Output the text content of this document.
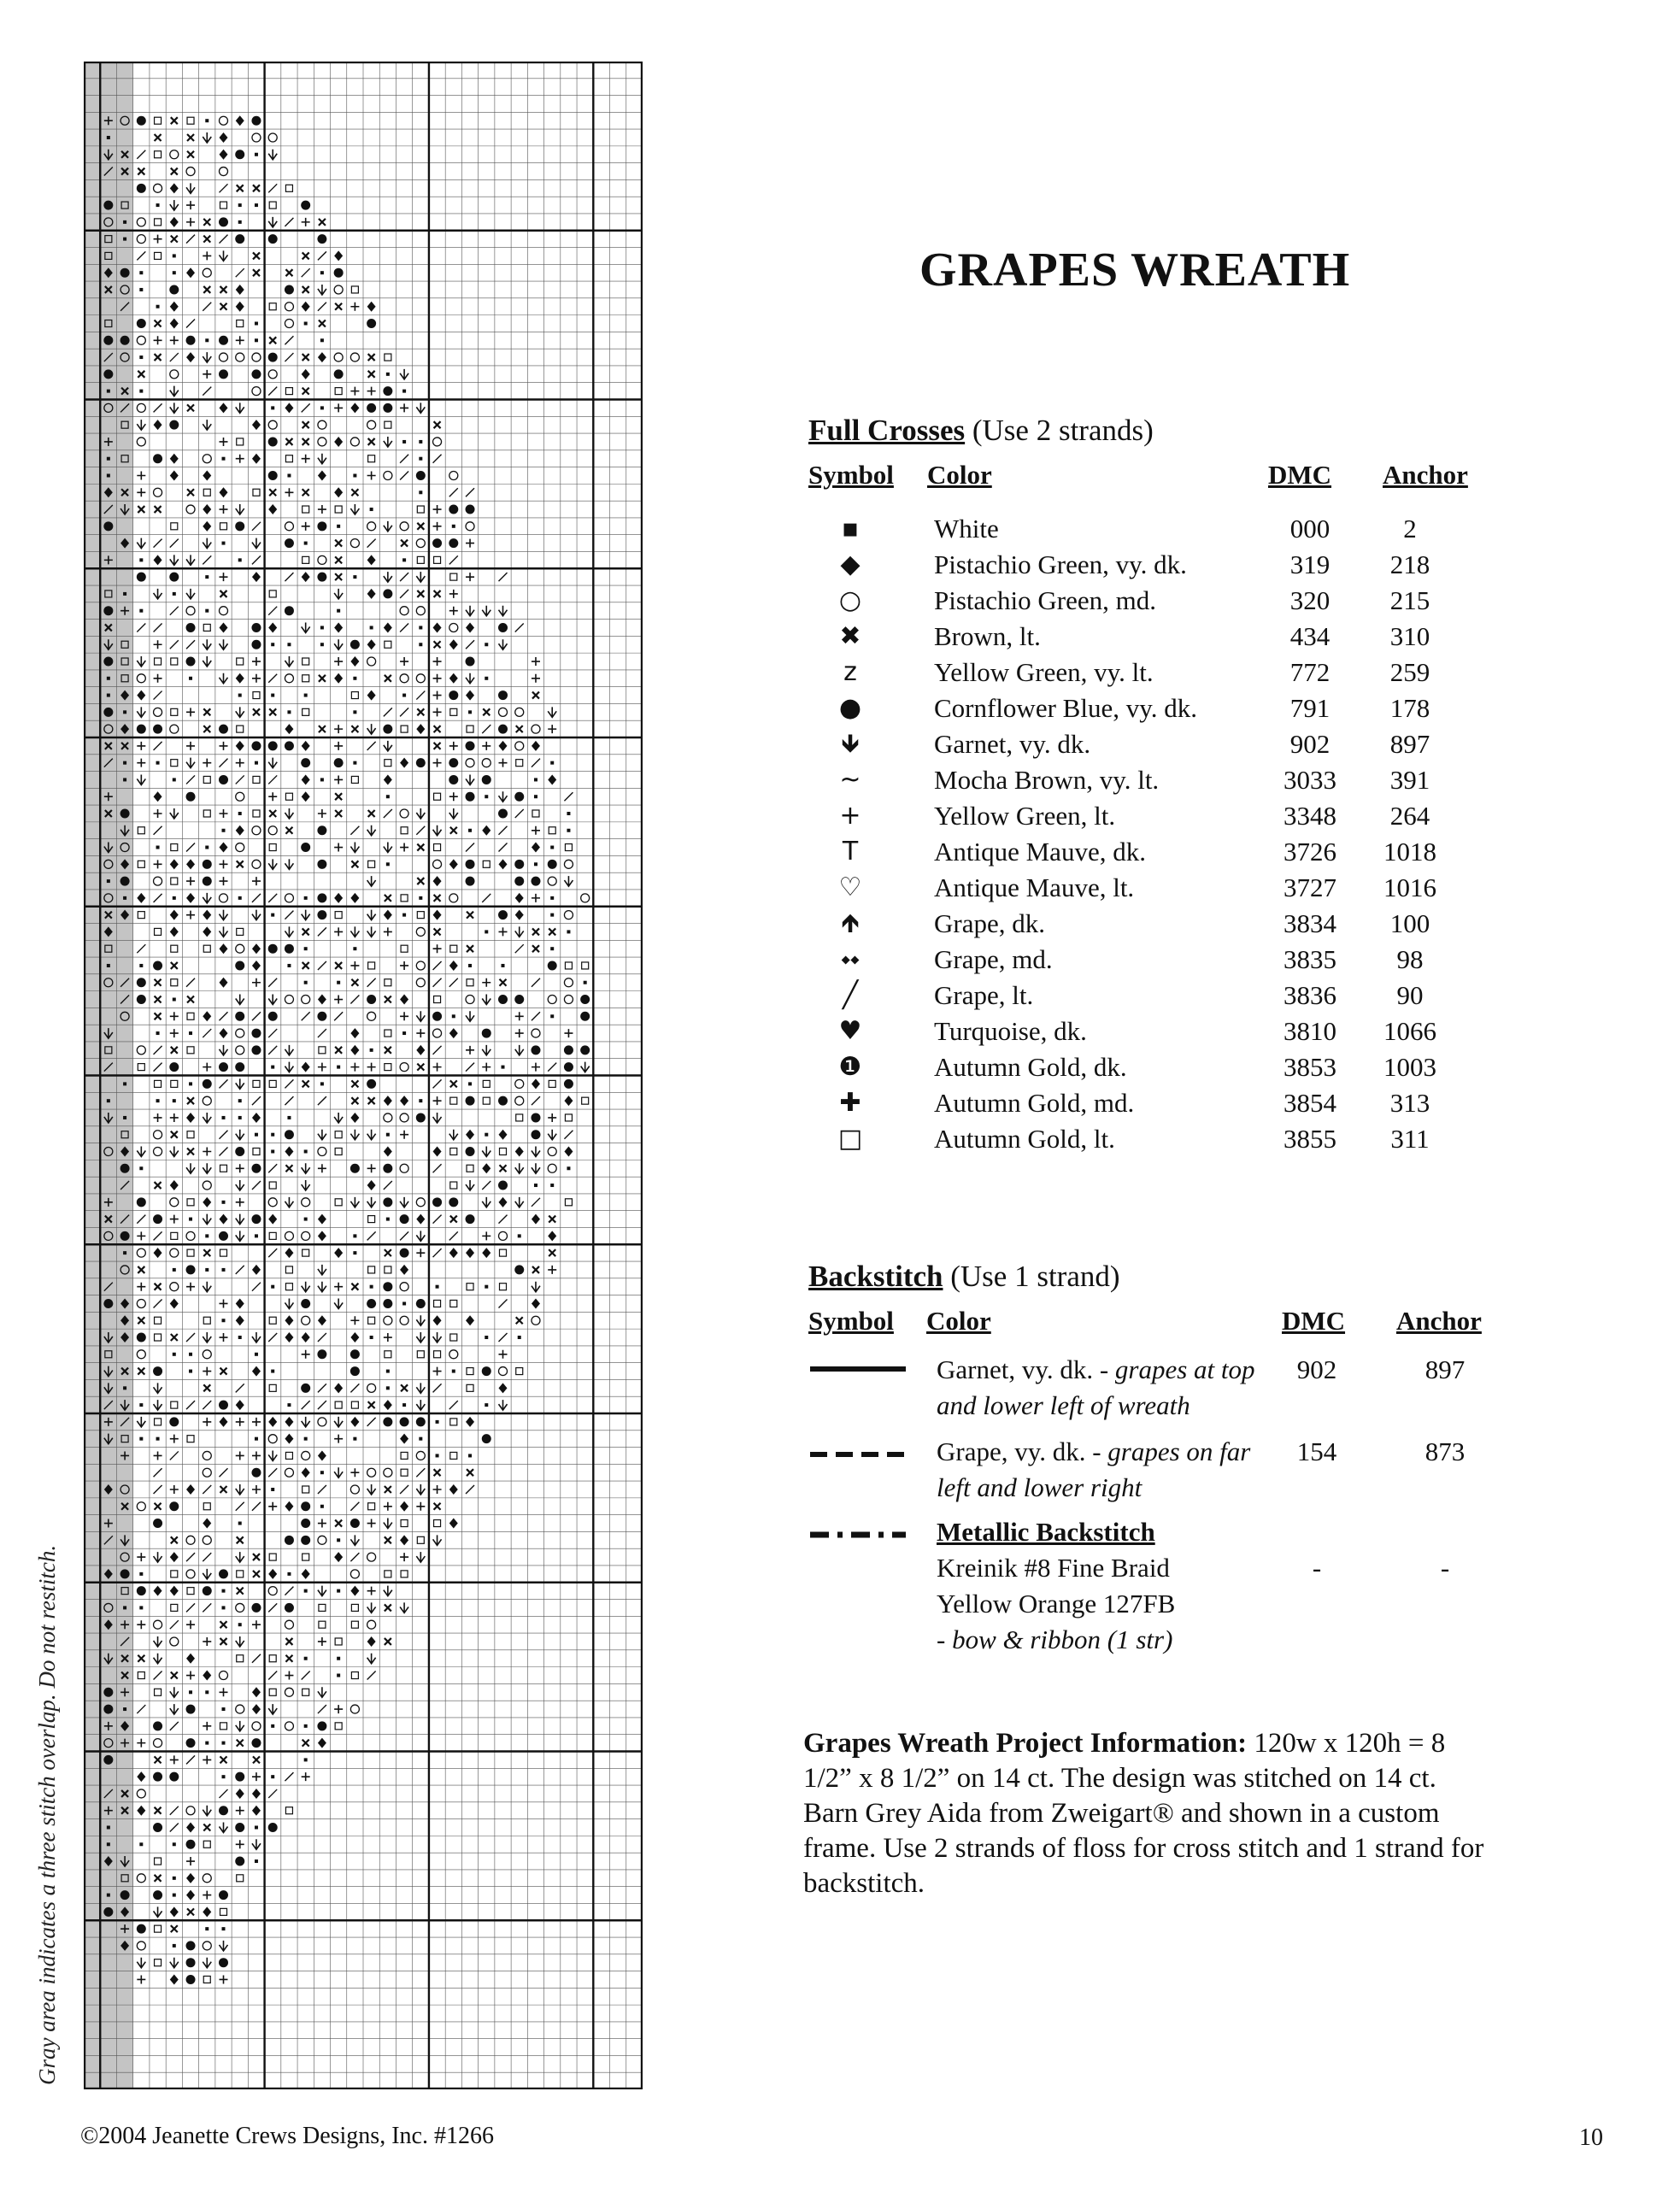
Gray area indicates a three stitch overlap. Do not restitch.
GRAPES WREATH
Full Crosses (Use 2 strands)
Symbol Color	DMC Anchor
▪	White	000	2
◆	Pistachio Green, vy. dk.	319	218
○	Pistachio Green, md.	320	215
✖	Brown, lt.	434	310
z	Yellow Green, vy. lt.	772	259
●	Cornflower Blue, vy. dk.	791	178
🡻	Garnet, vy. dk.	902	897
~	Mocha Brown, vy. lt.	3033	391
+	Yellow Green, lt.	3348	264
T	Antique Mauve, dk.	3726 1018
♡	Antique Mauve, lt.	3727 1016
🡹	Grape, dk.	3834	100
⬩⬩	Grape, md.	3835	98
╱	Grape, lt.	3836	90
♥	Turquoise, dk.	3810 1066
❶	Autumn Gold, dk.	3853 1003
✚	Autumn Gold, md.	3854	313
□	Autumn Gold, lt.	3855	311
Backstitch (Use 1 strand)
Symbol Color	DMC Anchor
Garnet, vy. dk. - grapes at top and lower left of wreath
902	897
Grape, vy. dk. - grapes on far left and lower right
154	873
Metallic Backstitch
Kreinik #8 Fine Braid
Yellow Orange 127FB
- bow & ribbon (1 str)
-	-
Grapes Wreath Project Information: 120w x 120h = 8 1/2” x 8 1/2” on 14 ct. The design was stitched on 14 ct. Barn Grey Aida from Zweigart® and shown in a custom frame. Use 2 strands of floss for cross stitch and 1 strand for backstitch.
©2004 Jeanette Crews Designs, Inc. #1266	10
